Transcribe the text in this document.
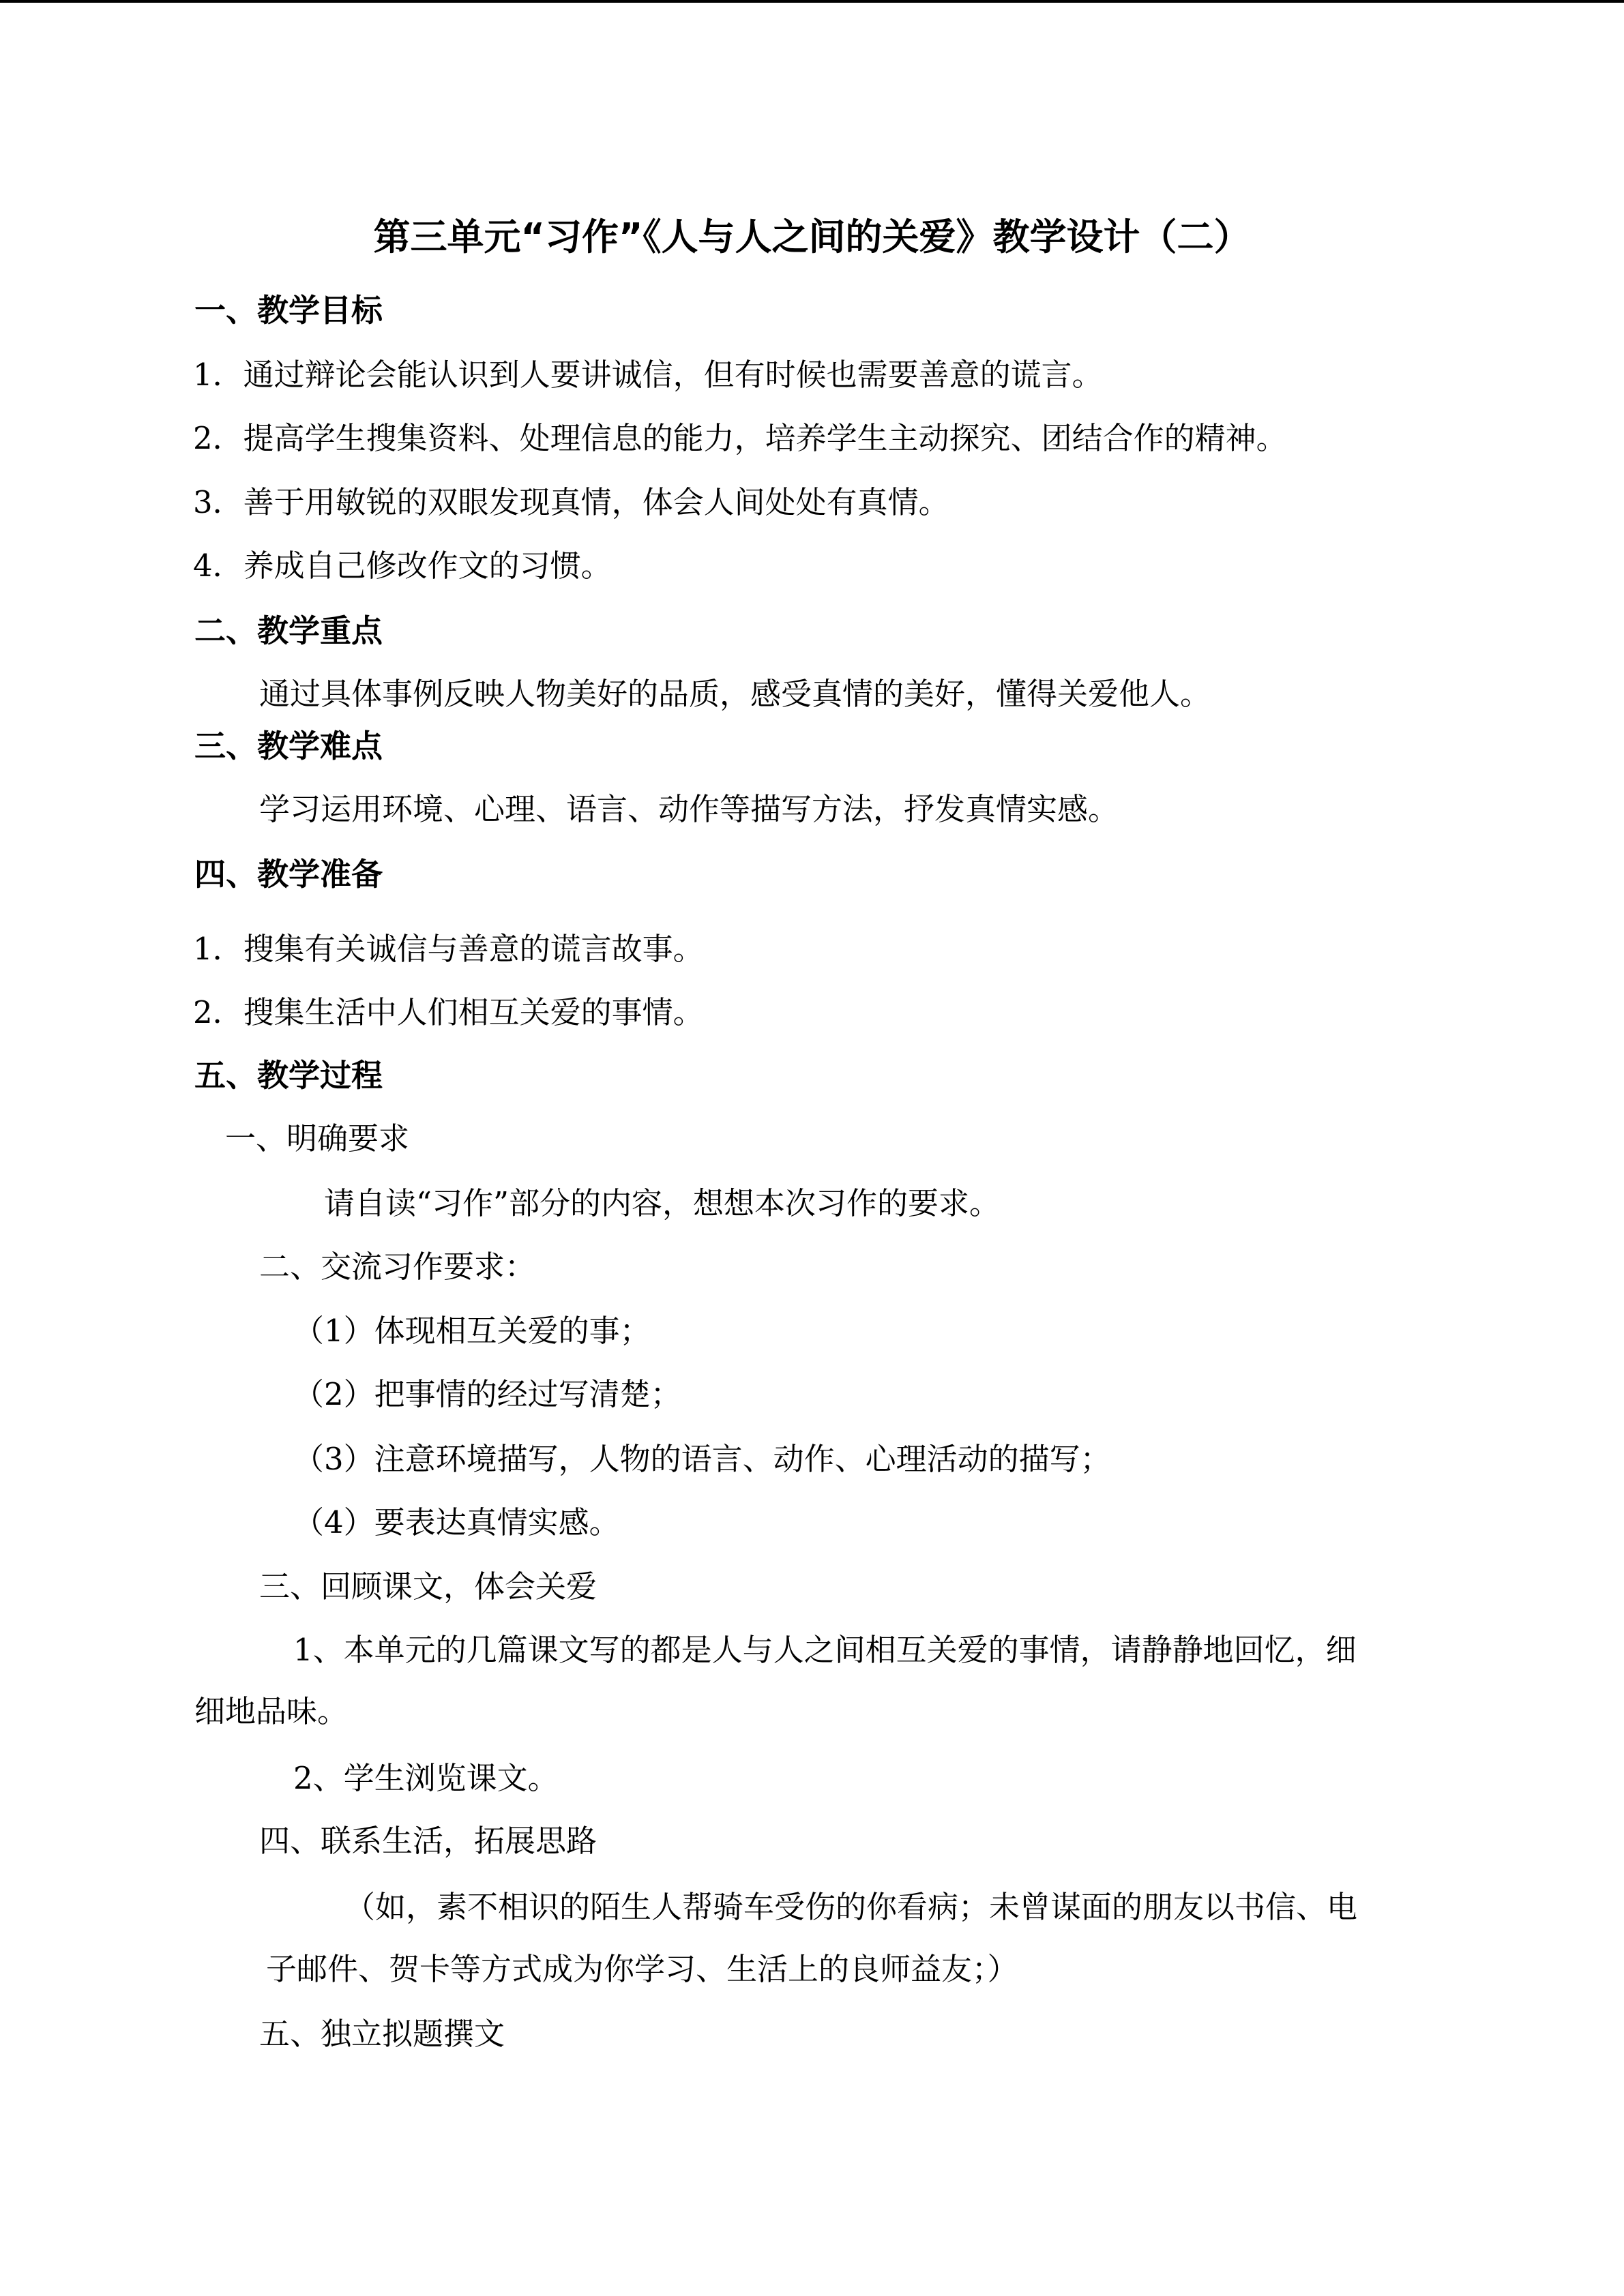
第三单元“习作”《人与人之间的关爱》教学设计（二）
一、教学目标
1．通过辩论会能认识到人要讲诚信，但有时候也需要善意的谎言。
2．提高学生搜集资料、处理信息的能力，培养学生主动探究、团结合作的精神。
3．善于用敏锐的双眼发现真情，体会人间处处有真情。
4．养成自己修改作文的习惯。
二、教学重点
通过具体事例反映人物美好的品质，感受真情的美好，懂得关爱他人。
三、教学难点
学习运用环境、心理、语言、动作等描写方法，抒发真情实感。
四、教学准备
1．搜集有关诚信与善意的谎言故事。
2．搜集生活中人们相互关爱的事情。
五、教学过程
一、明确要求
请自读“习作”部分的内容，想想本次习作的要求。
二、交流习作要求：
（1）体现相互关爱的事；
（2）把事情的经过写清楚；
（3）注意环境描写，人物的语言、动作、心理活动的描写；
（4）要表达真情实感。
三、回顾课文，体会关爱
1、本单元的几篇课文写的都是人与人之间相互关爱的事情，请静静地回忆，细
细地品味。
2、学生浏览课文。
四、联系生活，拓展思路
（如，素不相识的陌生人帮骑车受伤的你看病；未曾谋面的朋友以书信、电
子邮件、贺卡等方式成为你学习、生活上的良师益友；）
五、独立拟题撰文
